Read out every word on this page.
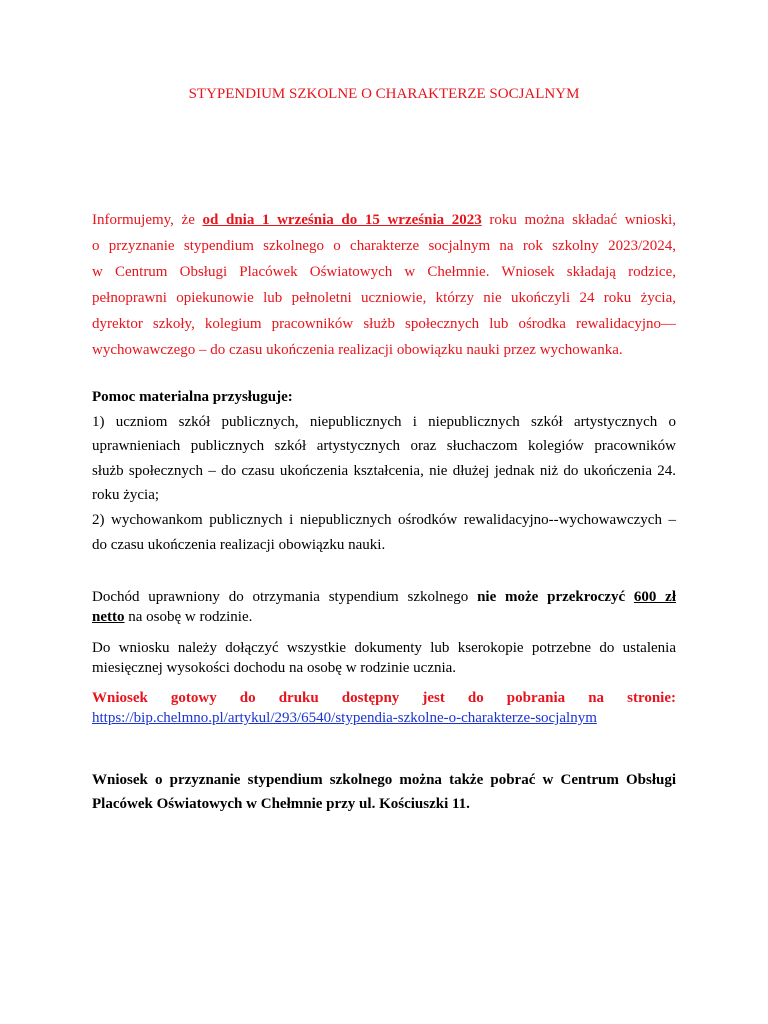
STYPENDIUM SZKOLNE O CHARAKTERZE SOCJALNYM
Informujemy, że od dnia 1 września do 15 września 2023 roku można składać wnioski,
o przyznanie stypendium szkolnego o charakterze socjalnym na rok szkolny 2023/2024,
w Centrum Obsługi Placówek Oświatowych w Chełmnie. Wniosek składają rodzice,
pełnoprawni opiekunowie lub pełnoletni uczniowie, którzy nie ukończyli 24 roku życia,
dyrektor szkoły, kolegium pracowników służb społecznych lub ośrodka rewalidacyjno—
wychowawczego – do czasu ukończenia realizacji obowiązku nauki przez wychowanka.
Pomoc materialna przysługuje:
1) uczniom szkół publicznych, niepublicznych i niepublicznych szkół artystycznych o
uprawnieniach publicznych szkół artystycznych oraz słuchaczom kolegiów pracowników
służb społecznych – do czasu ukończenia kształcenia, nie dłużej jednak niż do ukończenia 24.
roku życia;
2) wychowankom publicznych i niepublicznych ośrodków rewalidacyjno--wychowawczych –
do czasu ukończenia realizacji obowiązku nauki.
Dochód uprawniony do otrzymania stypendium szkolnego nie może przekroczyć 600 zł
netto na osobę w rodzinie.
Do wniosku należy dołączyć wszystkie dokumenty lub kserokopie potrzebne do ustalenia
miesięcznej wysokości dochodu na osobę w rodzinie ucznia.
Wniosek gotowy do druku dostępny jest do pobrania na stronie:
https://bip.chelmno.pl/artykul/293/6540/stypendia-szkolne-o-charakterze-socjalnym
Wniosek o przyznanie stypendium szkolnego można także pobrać w Centrum Obsługi
Placówek Oświatowych w Chełmnie przy ul. Kościuszki 11.
